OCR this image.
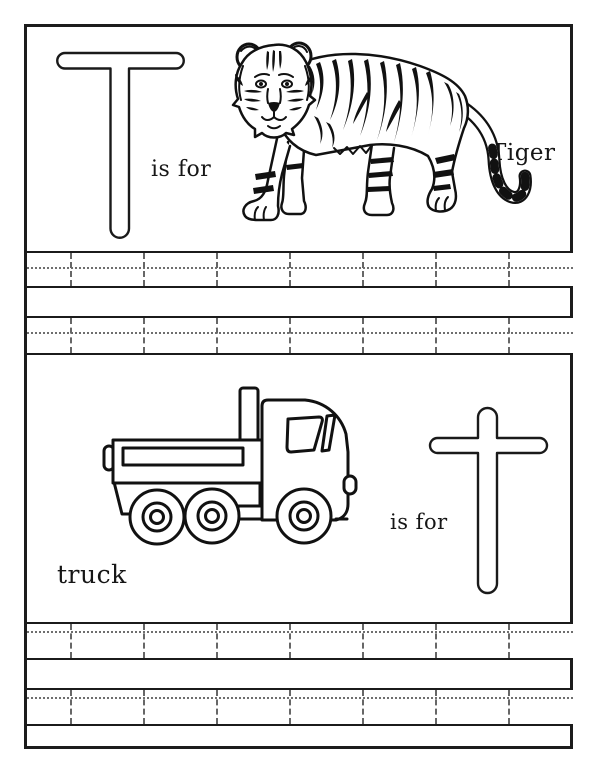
is for
Tiger
is for
truck
